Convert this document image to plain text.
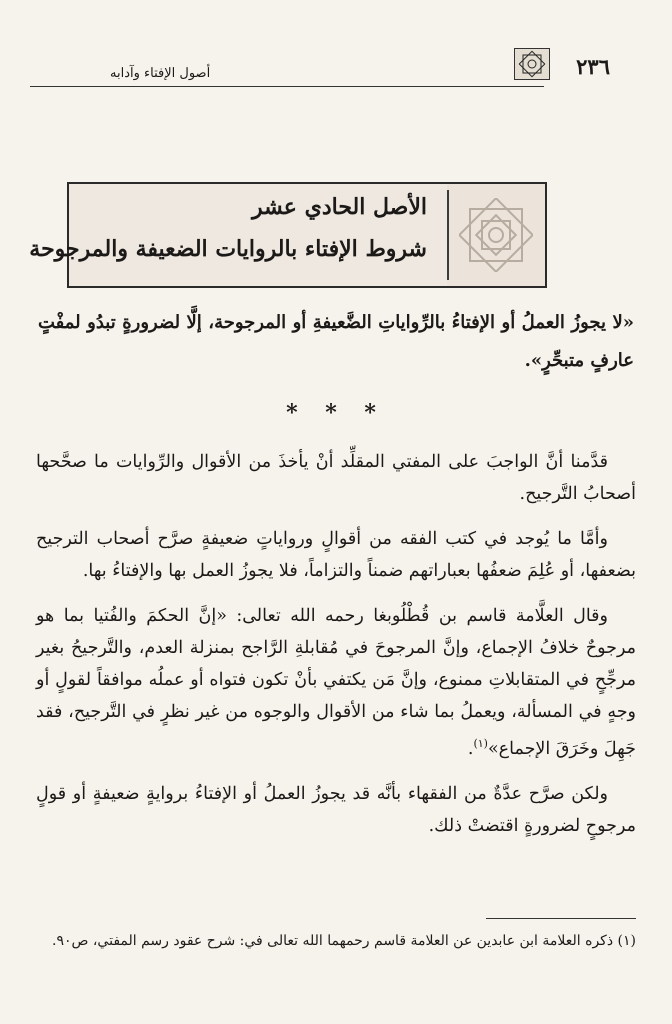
٢٣٦
أصول الإفتاء وآدابه
الأصل الحادي عشر
شروط الإفتاء بالروايات الضعيفة والمرجوحة
«لا يجوزُ العملُ أو الإفتاءُ بالرِّواياتِ الضَّعيفةِ أو المرجوحة، إلَّا لضرورةٍ تبدُو لمفْتٍ عارفٍ متبحِّرٍ».
* * *

قدَّمنا أنَّ الواجبَ على المفتي المقلِّد أنْ يأخذَ من الأقوال والرِّوايات ما صحَّحها أصحابُ التَّرجيح.

وأمَّا ما يُوجد في كتب الفقه من أقوالٍ ورواياتٍ ضعيفةٍ صرَّح أصحاب الترجيح بضعفها، أو عُلِمَ ضعفُها بعباراتهم ضمناً والتزاماً، فلا يجوزُ العمل بها والإفتاءُ بها.

وقال العلَّامة قاسم بن قُطْلُوبغا رحمه الله تعالى: «إنَّ الحكمَ والفُتيا بما هو مرجوحٌ خلافُ الإجماع، وإنَّ المرجوحَ في مُقابلةِ الرَّاجح بمنزلة العدم، والتَّرجيحُ بغير مرجِّحٍ في المتقابلاتِ ممنوع، وإنَّ مَن يكتفي بأنْ تكون فتواه أو عملُه موافقاً لقولٍ أو وجهٍ في المسألة، ويعملُ بما شاء من الأقوال والوجوه من غير نظرٍ في التَّرجيح، فقد جَهِلَ وخَرَقَ الإجماع»$^{(١)}$.

ولكن صرَّح عدَّةٌ من الفقهاء بأنَّه قد يجوزُ العملُ أو الإفتاءُ بروايةٍ ضعيفةٍ أو قولٍ مرجوحٍ لضرورةٍ اقتضتْ ذلك.

(١) ذكره العلامة ابن عابدين عن العلامة قاسم رحمهما الله تعالى في: شرح عقود رسم المفتي، ص٩٠.
